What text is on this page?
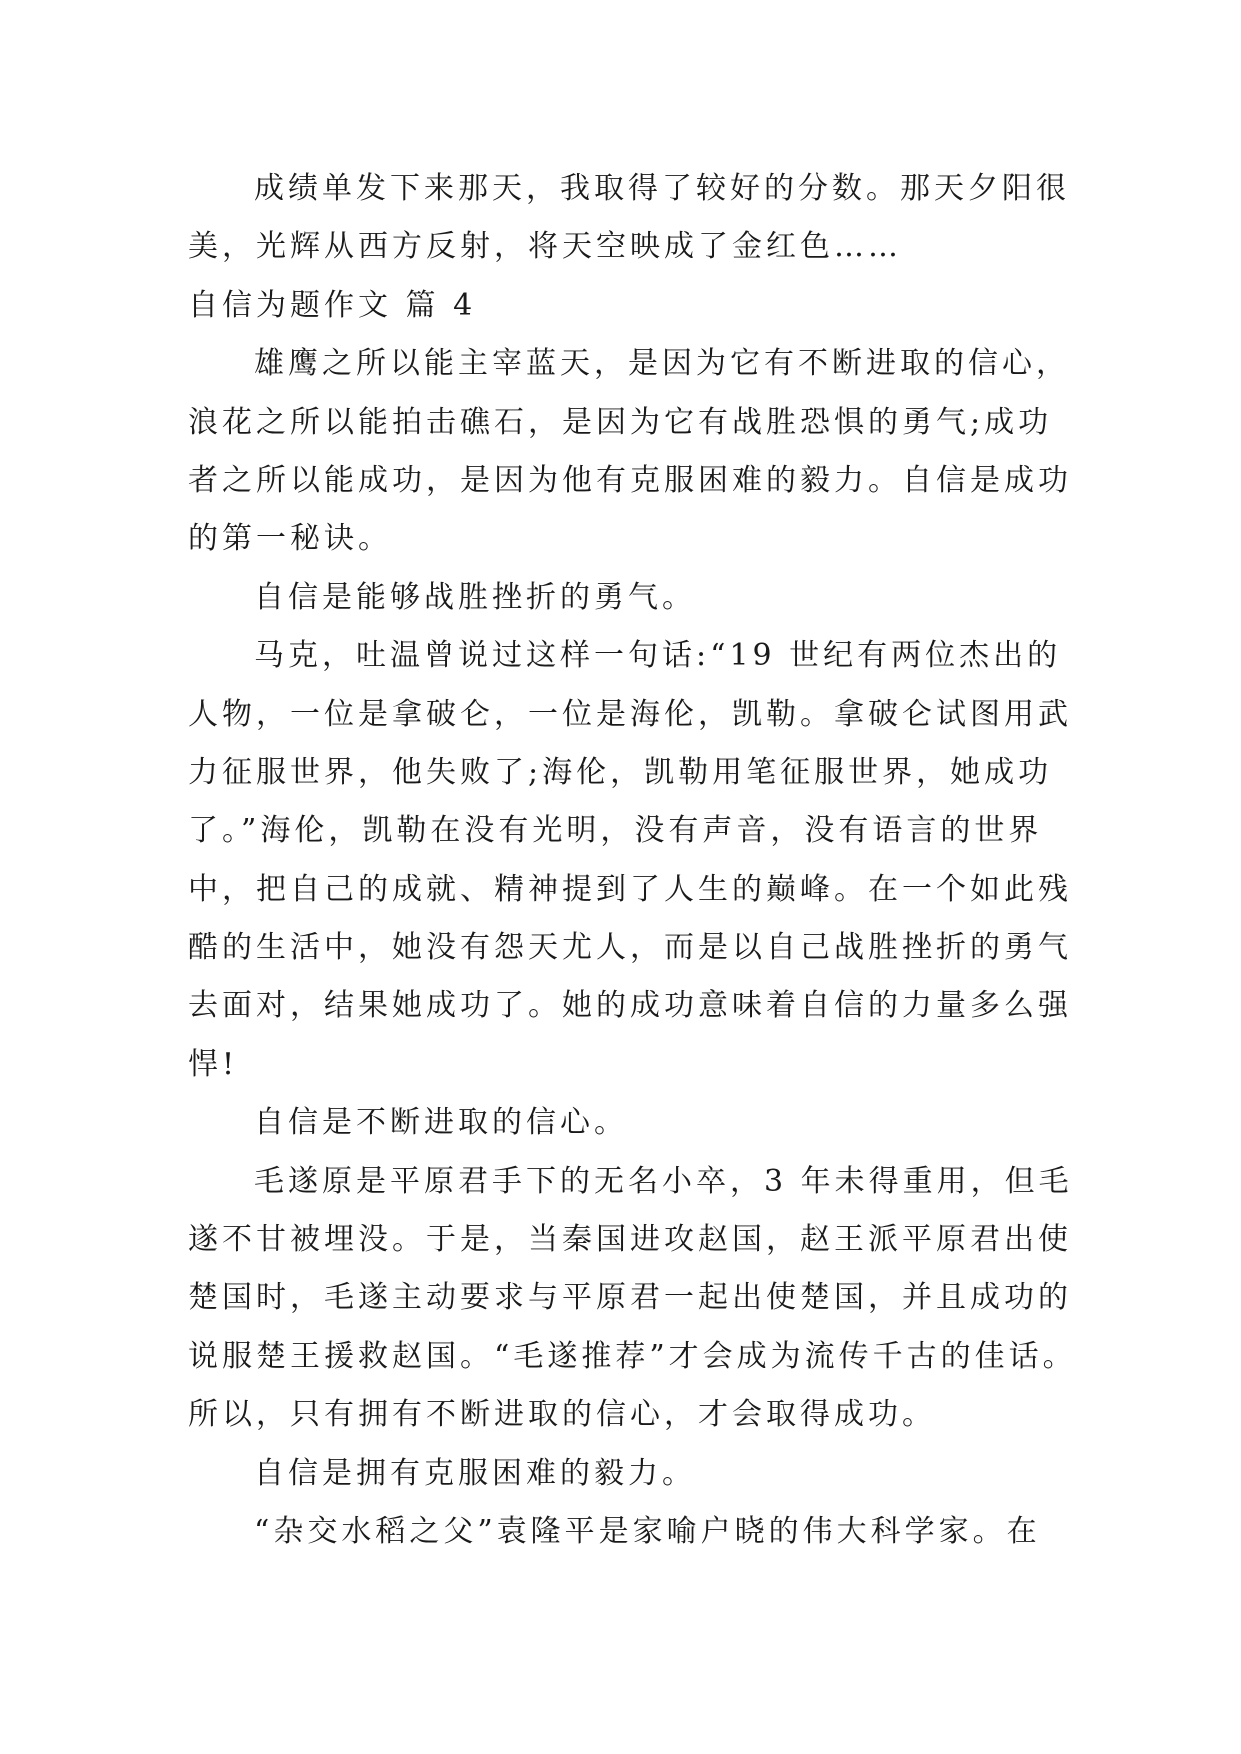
成绩单发下来那天，我取得了较好的分数。那天夕阳很
美，光辉从西方反射，将天空映成了金红色……
自信为题作文 篇 4
雄鹰之所以能主宰蓝天，是因为它有不断进取的信心，
浪花之所以能拍击礁石，是因为它有战胜恐惧的勇气;成功
者之所以能成功，是因为他有克服困难的毅力。自信是成功
的第一秘诀。
自信是能够战胜挫折的勇气。
马克，吐温曾说过这样一句话:“19 世纪有两位杰出的
人物，一位是拿破仑，一位是海伦，凯勒。拿破仑试图用武
力征服世界，他失败了;海伦，凯勒用笔征服世界，她成功
了。”海伦，凯勒在没有光明，没有声音，没有语言的世界
中，把自己的成就、精神提到了人生的巅峰。在一个如此残
酷的生活中，她没有怨天尤人，而是以自己战胜挫折的勇气
去面对，结果她成功了。她的成功意味着自信的力量多么强
悍!
自信是不断进取的信心。
毛遂原是平原君手下的无名小卒，3 年未得重用，但毛
遂不甘被埋没。于是，当秦国进攻赵国，赵王派平原君出使
楚国时，毛遂主动要求与平原君一起出使楚国，并且成功的
说服楚王援救赵国。“毛遂推荐”才会成为流传千古的佳话。
所以，只有拥有不断进取的信心，才会取得成功。
自信是拥有克服困难的毅力。
“杂交水稻之父”袁隆平是家喻户晓的伟大科学家。在
